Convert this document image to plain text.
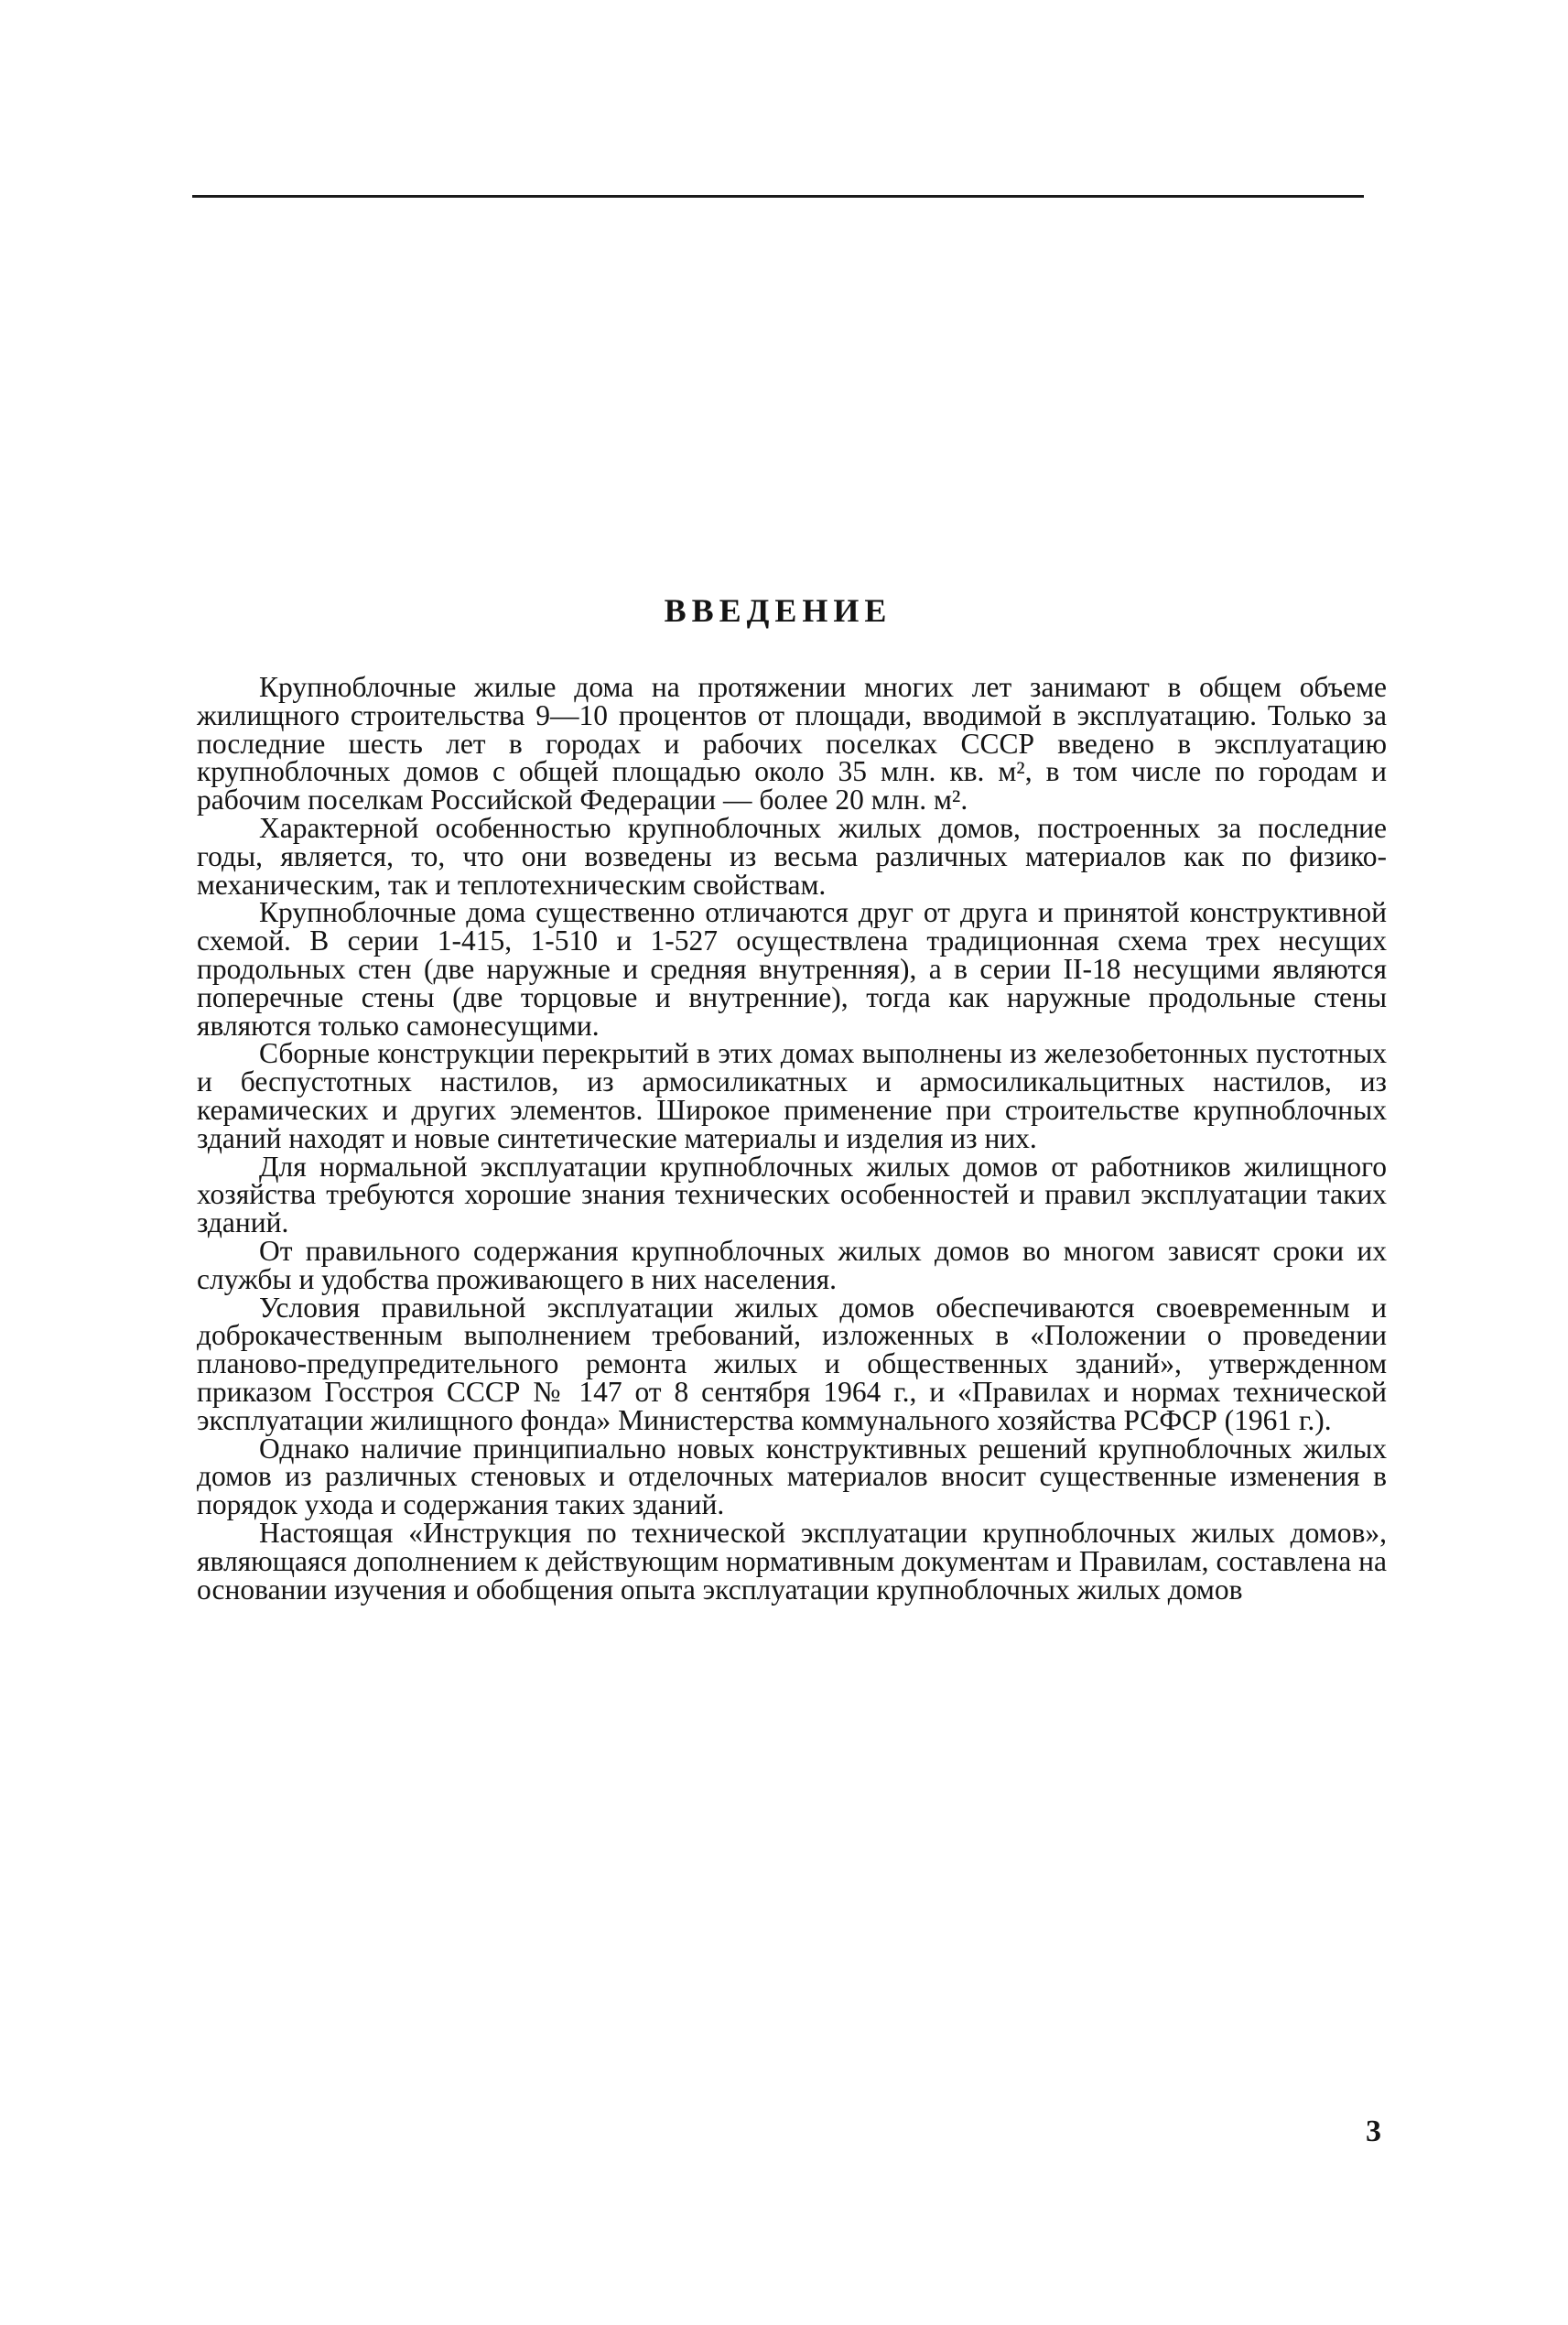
ВВЕДЕНИЕ

Крупноблочные жилые дома на протяжении многих лет занимают в общем объеме жилищного строительства 9—10 процентов от площади, вводимой в эксплуатацию. Только за последние шесть лет в городах и рабочих поселках СССР введено в эксплуатацию крупноблочных домов с общей площадью около 35 млн. кв. м², в том числе по городам и рабочим поселкам Российской Федерации — более 20 млн. м².

Характерной особенностью крупноблочных жилых домов, построенных за последние годы, является, то, что они возведены из весьма различных материалов как по физико-механическим, так и теплотехническим свойствам.

Крупноблочные дома существенно отличаются друг от друга и принятой конструктивной схемой. В серии 1-415, 1-510 и 1-527 осуществлена традиционная схема трех несущих продольных стен (две наружные и средняя внутренняя), а в серии II-18 несущими являются поперечные стены (две торцовые и внутренние), тогда как наружные продольные стены являются только самонесущими.

Сборные конструкции перекрытий в этих домах выполнены из железобетонных пустотных и беспустотных настилов, из армосиликатных и армосиликальцитных настилов, из керамических и других элементов. Широкое применение при строительстве крупноблочных зданий находят и новые синтетические материалы и изделия из них.

Для нормальной эксплуатации крупноблочных жилых домов от работников жилищного хозяйства требуются хорошие знания технических особенностей и правил эксплуатации таких зданий.

От правильного содержания крупноблочных жилых домов во многом зависят сроки их службы и удобства проживающего в них населения.

Условия правильной эксплуатации жилых домов обеспечиваются своевременным и доброкачественным выполнением требований, изложенных в «Положении о проведении планово-предупредительного ремонта жилых и общественных зданий», утвержденном приказом Госстроя СССР № 147 от 8 сентября 1964 г., и «Правилах и нормах технической эксплуатации жилищного фонда» Министерства коммунального хозяйства РСФСР (1961 г.).

Однако наличие принципиально новых конструктивных решений крупноблочных жилых домов из различных стеновых и отделочных материалов вносит существенные изменения в порядок ухода и содержания таких зданий.

Настоящая «Инструкция по технической эксплуатации крупноблочных жилых домов», являющаяся дополнением к действующим нормативным документам и Правилам, составлена на основании изучения и обобщения опыта эксплуатации крупноблочных жилых домов

3
